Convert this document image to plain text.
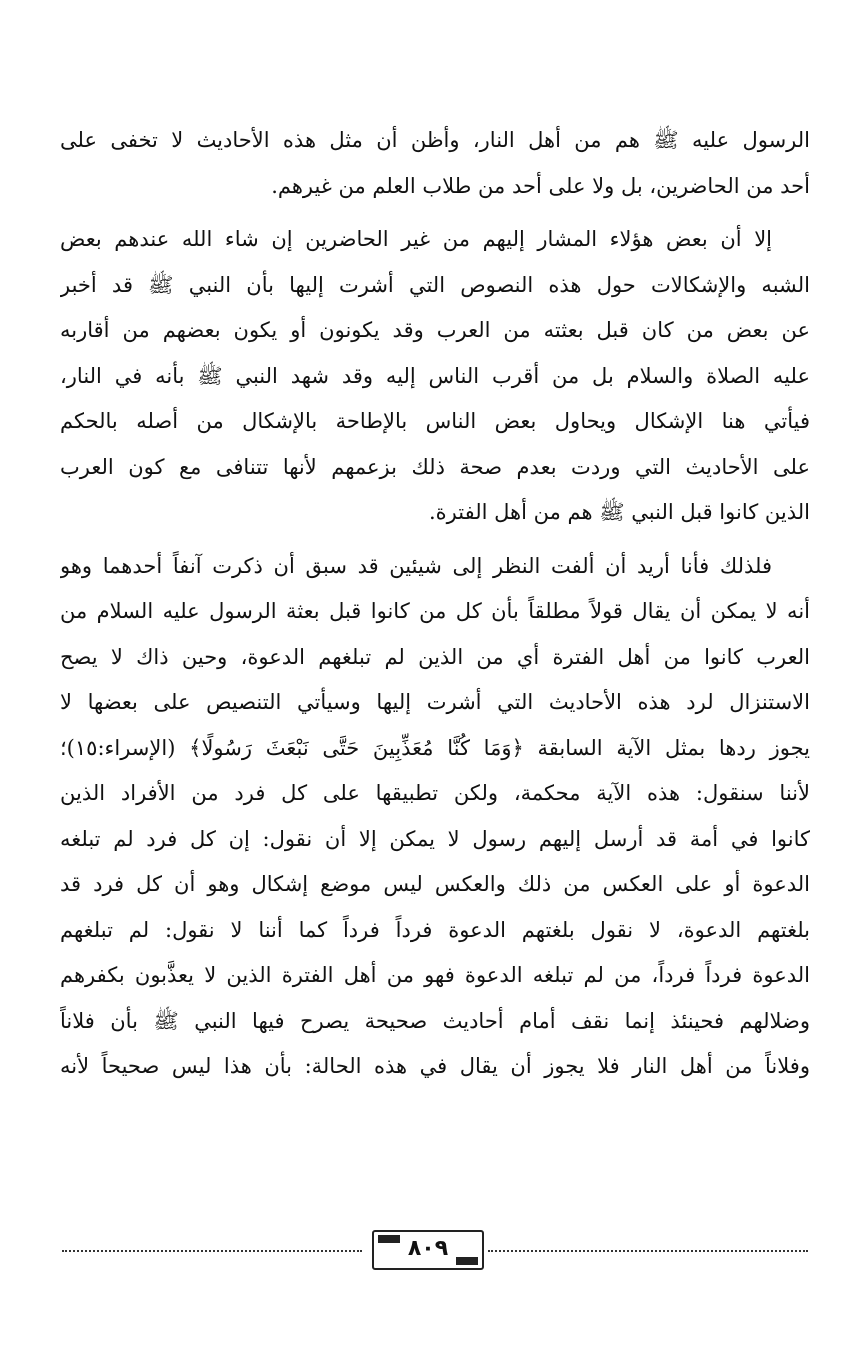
الرسول عليه ﷺ هم من أهل النار، وأظن أن مثل هذه الأحاديث لا تخفى على
أحد من الحاضرين، بل ولا على أحد من طلاب العلم من غيرهم.
إلا أن بعض هؤلاء المشار إليهم من غير الحاضرين إن شاء الله عندهم بعض
الشبه والإشكالات حول هذه النصوص التي أشرت إليها بأن النبي ﷺ قد أخبر
عن بعض من كان قبل بعثته من العرب وقد يكونون أو يكون بعضهم من أقاربه
عليه الصلاة والسلام بل من أقرب الناس إليه وقد شهد النبي ﷺ بأنه في النار،
فيأتي هنا الإشكال ويحاول بعض الناس بالإطاحة بالإشكال من أصله بالحكم
على الأحاديث التي وردت بعدم صحة ذلك بزعمهم لأنها تتنافى مع كون العرب
الذين كانوا قبل النبي ﷺ هم من أهل الفترة.
فلذلك فأنا أريد أن ألفت النظر إلى شيئين قد سبق أن ذكرت آنفاً أحدهما وهو
أنه لا يمكن أن يقال قولاً مطلقاً بأن كل من كانوا قبل بعثة الرسول عليه السلام من
العرب كانوا من أهل الفترة أي من الذين لم تبلغهم الدعوة، وحين ذاك لا يصح
الاستنزال لرد هذه الأحاديث التي أشرت إليها وسيأتي التنصيص على بعضها لا
يجوز ردها بمثل الآية السابقة ﴿وَمَا كُنَّا مُعَذِّبِينَ حَتَّى نَبْعَثَ رَسُولًا﴾ (الإسراء:١٥)؛
لأننا سنقول: هذه الآية محكمة، ولكن تطبيقها على كل فرد من الأفراد الذين
كانوا في أمة قد أرسل إليهم رسول لا يمكن إلا أن نقول: إن كل فرد لم تبلغه
الدعوة أو على العكس من ذلك والعكس ليس موضع إشكال وهو أن كل فرد قد
بلغتهم الدعوة، لا نقول بلغتهم الدعوة فرداً فرداً كما أننا لا نقول: لم تبلغهم
الدعوة فرداً فرداً، من لم تبلغه الدعوة فهو من أهل الفترة الذين لا يعذَّبون بكفرهم
وضلالهم فحينئذ إنما نقف أمام أحاديث صحيحة يصرح فيها النبي ﷺ بأن فلاناً
وفلاناً من أهل النار فلا يجوز أن يقال في هذه الحالة: بأن هذا ليس صحيحاً لأنه
٨٠٩
